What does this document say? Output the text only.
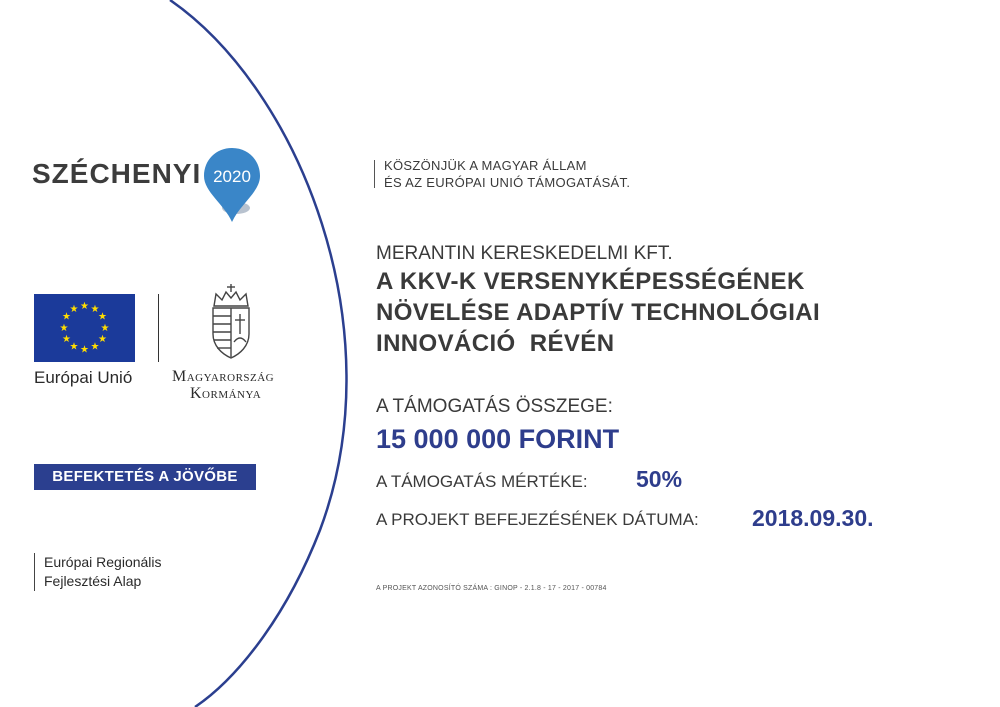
SZÉCHENYI 2020
★ ★
★
★
★
★
★
★
★
★
★
★
Európai Unió Magyarország
Kormánya
BEFEKTETÉS A JÖVŐBE
Európai Regionális
Fejlesztési Alap
KÖSZÖNJÜK A MAGYAR ÁLLAM
ÉS AZ EURÓPAI UNIÓ TÁMOGATÁSÁT.
MERANTIN KERESKEDELMI KFT.
A KKV-K VERSENYKÉPESSÉGÉNEK
NÖVELÉSE ADAPTÍV TECHNOLÓGIAI
INNOVÁCIÓ  RÉVÉN
A TÁMOGATÁS ÖSSZEGE:
15 000 000 FORINT
A TÁMOGATÁS MÉRTÉKE: 50%
A PROJEKT BEFEJEZÉSÉNEK DÁTUMA: 2018.09.30.
A PROJEKT AZONOSÍTÓ SZÁMA : GINOP - 2.1.8 - 17 - 2017 - 00784
